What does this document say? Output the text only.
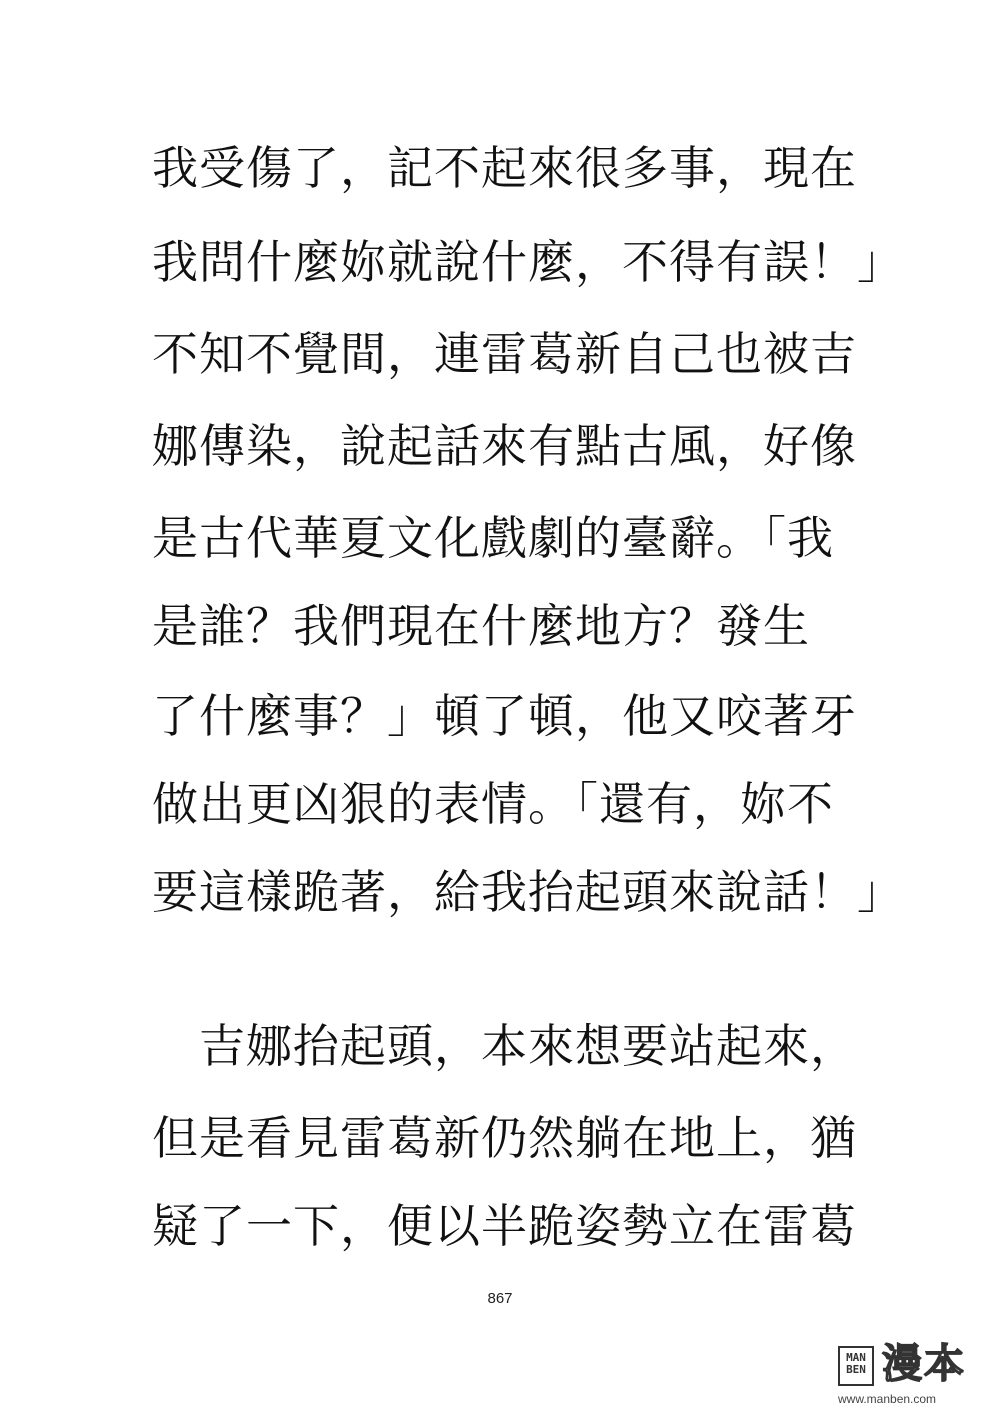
我受傷了，記不起來很多事，現在
我問什麼妳就說什麼，不得有誤！」
不知不覺間，連雷葛新自己也被吉
娜傳染，說起話來有點古風，好像
是古代華夏文化戲劇的臺辭。「我
是誰？我們現在什麼地方？發生
了什麼事？」頓了頓，他又咬著牙
做出更凶狠的表情。「還有，妳不
要這樣跪著，給我抬起頭來說話！」
　吉娜抬起頭，本來想要站起來，
但是看見雷葛新仍然躺在地上，猶
疑了一下，便以半跪姿勢立在雷葛
867
MAN BEN 漫本
www.manben.com
